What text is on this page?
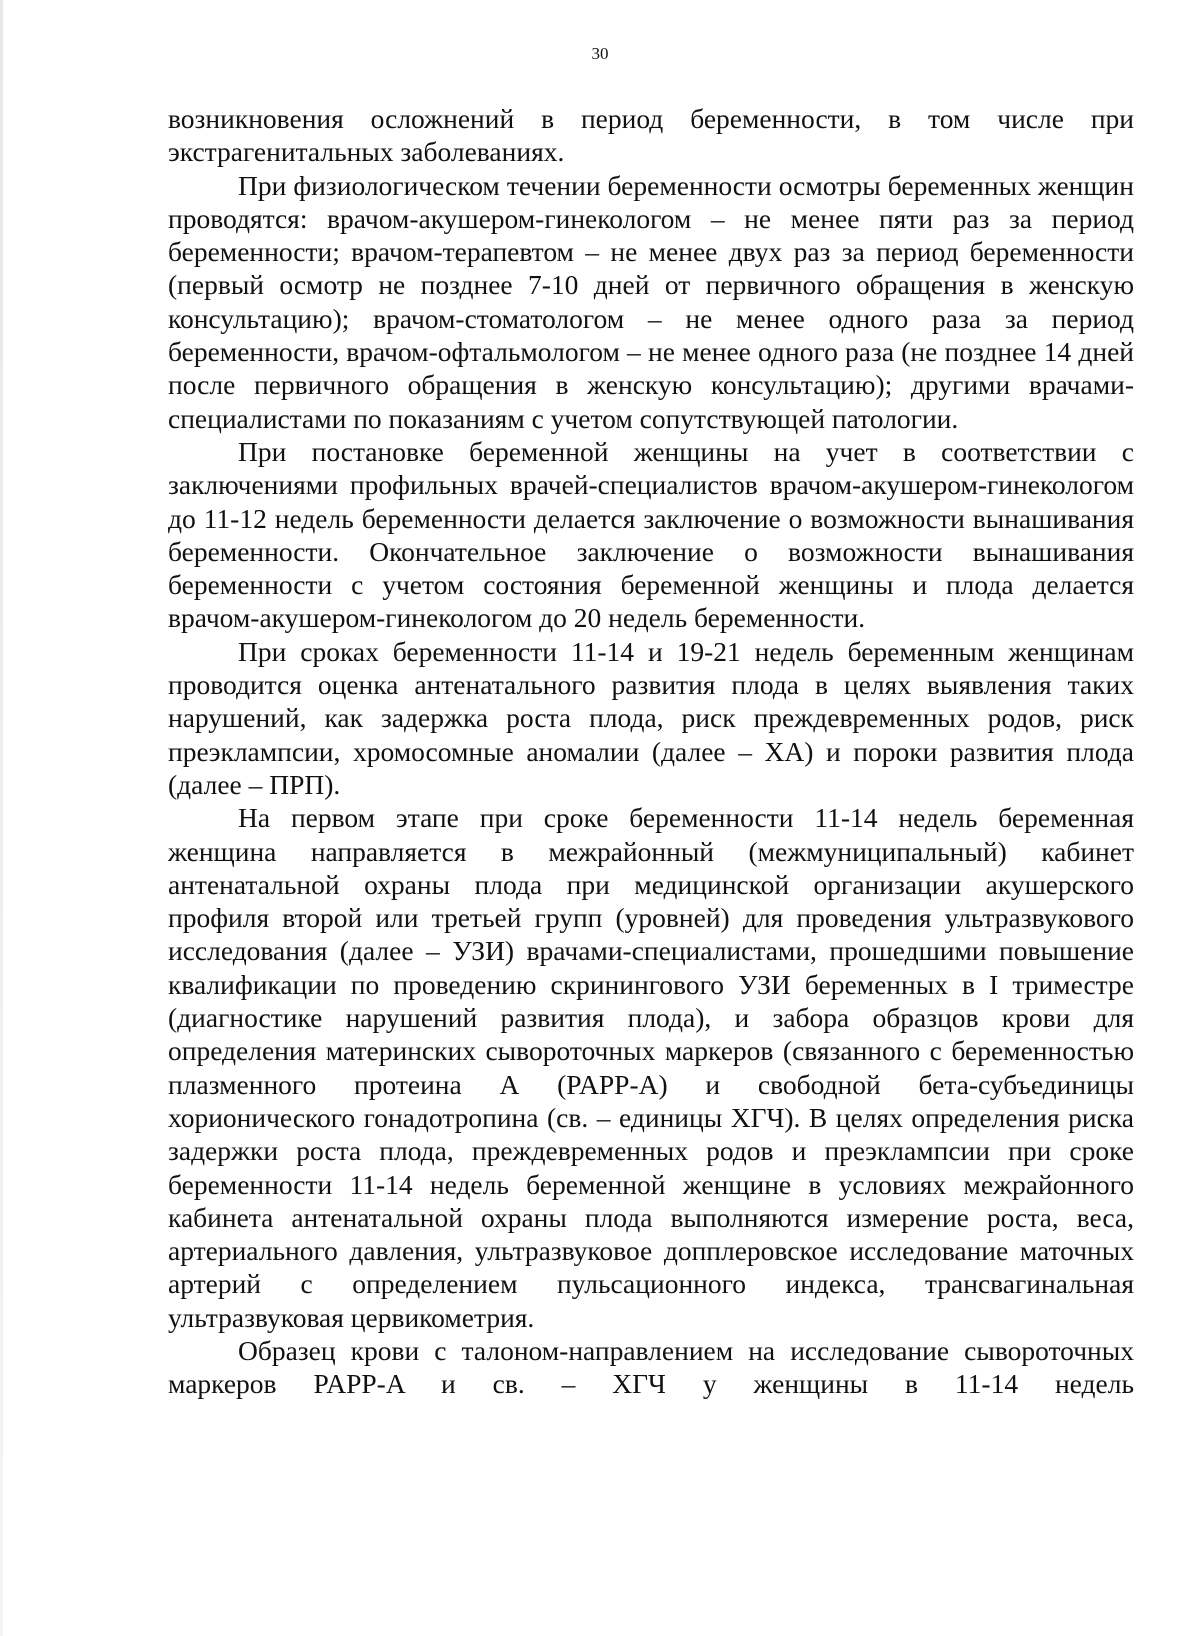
30

возникновения осложнений в период беременности, в том числе при экстрагенитальных заболеваниях.

При физиологическом течении беременности осмотры беременных женщин проводятся: врачом-акушером-гинекологом – не менее пяти раз за период беременности; врачом-терапевтом – не менее двух раз за период беременности (первый осмотр не позднее 7-10 дней от первичного обращения в женскую консультацию); врачом-стоматологом – не менее одного раза за период беременности, врачом-офтальмологом – не менее одного раза (не позднее 14 дней после первичного обращения в женскую консультацию); другими врачами-специалистами по показаниям с учетом сопутствующей патологии.

При постановке беременной женщины на учет в соответствии с заключениями профильных врачей-специалистов врачом-акушером-гинекологом до 11-12 недель беременности делается заключение о возможности вынашивания беременности. Окончательное заключение о возможности вынашивания беременности с учетом состояния беременной женщины и плода делается врачом-акушером-гинекологом до 20 недель беременности.

При сроках беременности 11-14 и 19-21 недель беременным женщинам проводится оценка антенатального развития плода в целях выявления таких нарушений, как задержка роста плода, риск преждевременных родов, риск преэклампсии, хромосомные аномалии (далее – ХА) и пороки развития плода (далее – ПРП).

На первом этапе при сроке беременности 11-14 недель беременная женщина направляется в межрайонный (межмуниципальный) кабинет антенатальной охраны плода при медицинской организации акушерского профиля второй или третьей групп (уровней) для проведения ультразвукового исследования (далее – УЗИ) врачами-специалистами, прошедшими повышение квалификации по проведению скринингового УЗИ беременных в I триместре (диагностике нарушений развития плода), и забора образцов крови для определения материнских сывороточных маркеров (связанного с беременностью плазменного протеина А (PAPP-A) и свободной бета-субъединицы хорионического гонадотропина (св. – единицы ХГЧ). В целях определения риска задержки роста плода, преждевременных родов и преэклампсии при сроке беременности 11-14 недель беременной женщине в условиях межрайонного кабинета антенатальной охраны плода выполняются измерение роста, веса, артериального давления, ультразвуковое допплеровское исследование маточных артерий с определением пульсационного индекса, трансвагинальная ультразвуковая цервикометрия.

Образец крови с талоном-направлением на исследование сывороточных маркеров PAPP-A и св. – ХГЧ у женщины в 11-14 недель
